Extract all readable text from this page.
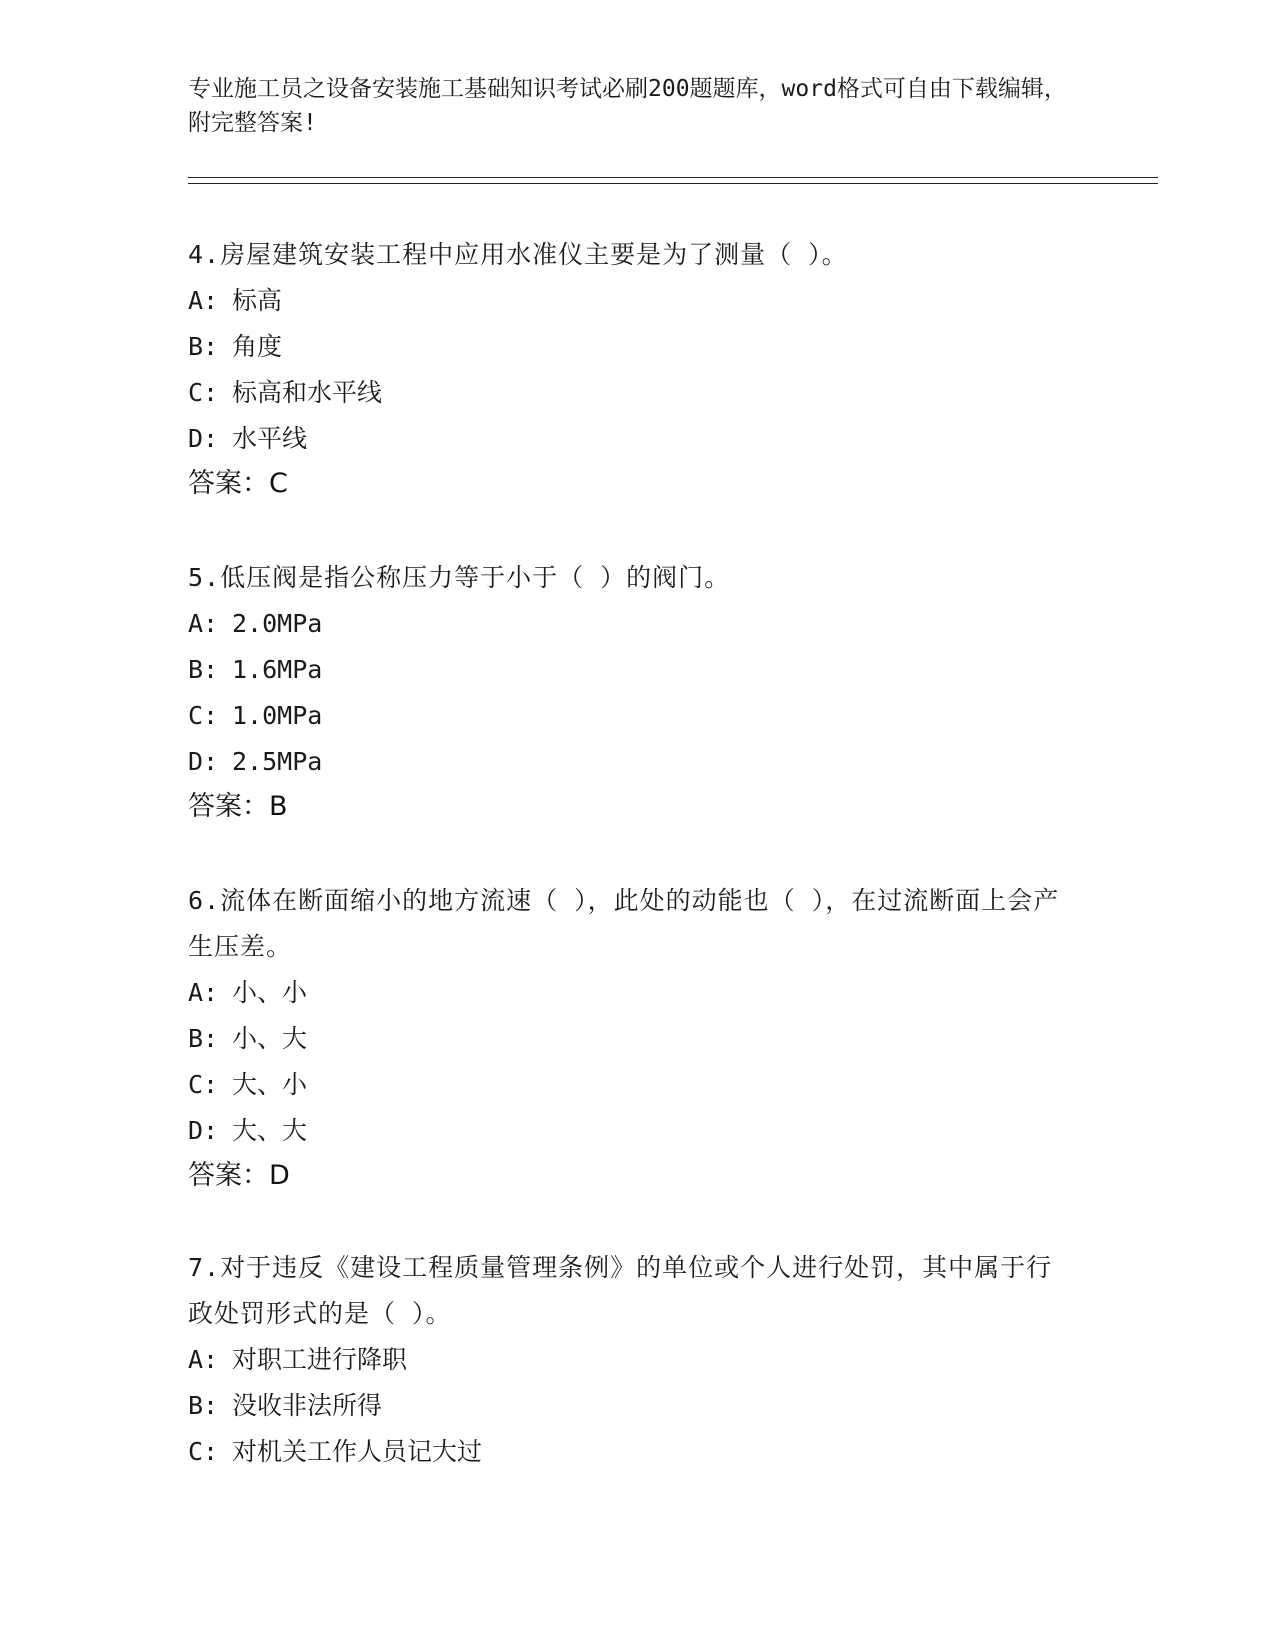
专业施工员之设备安装施工基础知识考试必刷200题题库，word格式可自由下载编辑，附完整答案!

4.房屋建筑安装工程中应用水准仪主要是为了测量（ ）。

A: 标高

B: 角度

C: 标高和水平线

D: 水平线

答案：C

5.低压阀是指公称压力等于小于（ ）的阀门。

A: 2.0MPa

B: 1.6MPa

C: 1.0MPa

D: 2.5MPa

答案：B

6.流体在断面缩小的地方流速（ ），此处的动能也（ ），在过流断面上会产生压差。

A: 小、小

B: 小、大

C: 大、小

D: 大、大

答案：D

7.对于违反《建设工程质量管理条例》的单位或个人进行处罚，其中属于行政处罚形式的是（ ）。

A: 对职工进行降职

B: 没收非法所得

C: 对机关工作人员记大过
